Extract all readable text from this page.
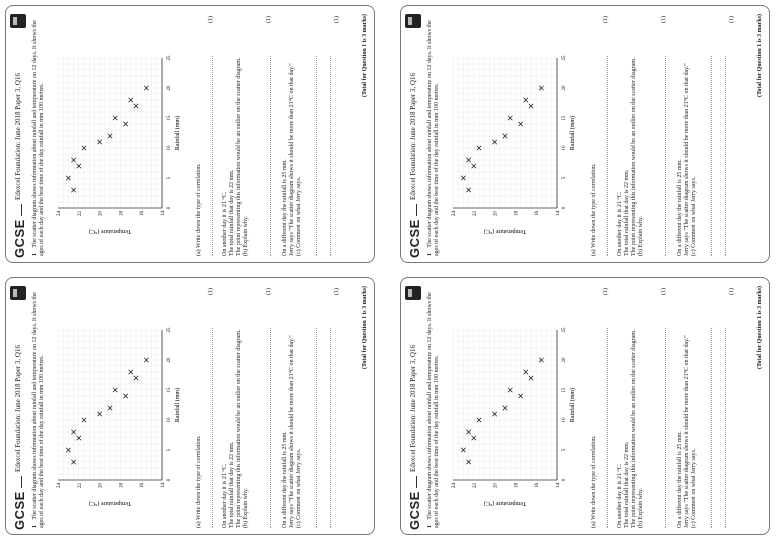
GCSE
Edexcel Foundation: June 2018 Paper 3, Q16
1 The scatter diagram shows information about rainfall and temperature on 12 days. It shows the ages of each day and the best time of the day rainfall in mm 100 metres.	0
5
10
15
20
25
14
16
18
20
22
24
Rainfall (mm)
Temperature (°C)	(a) Write down the type of correlation.
(1)
On another day it is 21 °C. The total rainfall that day is 22 mm. The point representing this information would be an outlier on the scatter diagram. (b) Explain why.
(1)
On a different day the rainfall is 25 mm. Jerry says "The scatter diagram shows it should be more than 21°C on that day." (c) Comment on what Jerry says.
(1)	(Total for Question 1 is 3 marks)
GCSE
Edexcel Foundation: June 2018 Paper 3, Q16
1 The scatter diagram shows information about rainfall and temperature on 12 days. It shows the ages of each day and the best time of the day rainfall in mm 100 metres.	0
5
10
15
20
25
14
16
18
20
22
24
Rainfall (mm)
Temperature (°C)	(a) Write down the type of correlation.
(1)
On another day it is 21 °C. The total rainfall that day is 22 mm. The point representing this information would be an outlier on the scatter diagram. (b) Explain why.
(1)
On a different day the rainfall is 25 mm. Jerry says "The scatter diagram shows it should be more than 21°C on that day." (c) Comment on what Jerry says.
(1)	(Total for Question 1 is 3 marks)
GCSE
Edexcel Foundation: June 2018 Paper 3, Q16
1 The scatter diagram shows information about rainfall and temperature on 12 days. It shows the ages of each day and the best time of the day rainfall in mm 100 metres.	0
5
10
15
20
25
14
16
18
20
22
24
Rainfall (mm)
Temperature (°C)	(a) Write down the type of correlation.
(1)
On another day it is 21 °C. The total rainfall that day is 22 mm. The point representing this information would be an outlier on the scatter diagram. (b) Explain why.
(1)
On a different day the rainfall is 25 mm. Jerry says "The scatter diagram shows it should be more than 21°C on that day." (c) Comment on what Jerry says.
(1)	(Total for Question 1 is 3 marks)
GCSE
Edexcel Foundation: June 2018 Paper 3, Q16
1 The scatter diagram shows information about rainfall and temperature on 12 days. It shows the ages of each day and the best time of the day rainfall in mm 100 metres.	0
5
10
15
20
25
14
16
18
20
22
24
Rainfall (mm)
Temperature (°C)	(a) Write down the type of correlation.
(1)
On another day it is 21 °C. The total rainfall that day is 22 mm. The point representing this information would be an outlier on the scatter diagram. (b) Explain why.
(1)
On a different day the rainfall is 25 mm. Jerry says "The scatter diagram shows it should be more than 21°C on that day." (c) Comment on what Jerry says.
(1)	(Total for Question 1 is 3 marks)
